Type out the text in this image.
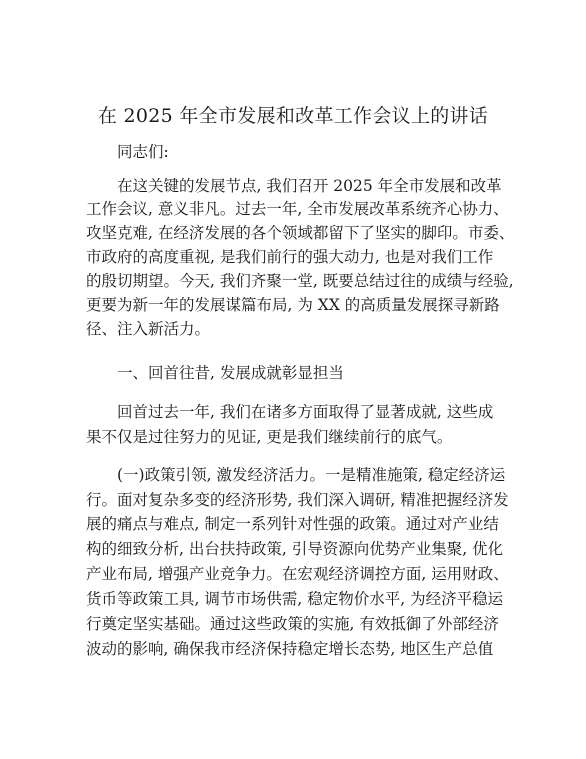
在 2025 年全市发展和改革工作会议上的讲话
同志们:
在这关键的发展节点, 我们召开 2025 年全市发展和改革
工作会议, 意义非凡。过去一年, 全市发展改革系统齐心协力、
攻坚克难, 在经济发展的各个领域都留下了坚实的脚印。市委、
市政府的高度重视, 是我们前行的强大动力, 也是对我们工作
的殷切期望。今天, 我们齐聚一堂, 既要总结过往的成绩与经验,
更要为新一年的发展谋篇布局, 为 XX 的高质量发展探寻新路
径、注入新活力。
一、回首往昔, 发展成就彰显担当
回首过去一年, 我们在诸多方面取得了显著成就, 这些成
果不仅是过往努力的见证, 更是我们继续前行的底气。
(一)政策引领, 激发经济活力。一是精准施策, 稳定经济运
行。面对复杂多变的经济形势, 我们深入调研, 精准把握经济发
展的痛点与难点, 制定一系列针对性强的政策。通过对产业结
构的细致分析, 出台扶持政策, 引导资源向优势产业集聚, 优化
产业布局, 增强产业竞争力。在宏观经济调控方面, 运用财政、
货币等政策工具, 调节市场供需, 稳定物价水平, 为经济平稳运
行奠定坚实基础。通过这些政策的实施, 有效抵御了外部经济
波动的影响, 确保我市经济保持稳定增长态势, 地区生产总值
